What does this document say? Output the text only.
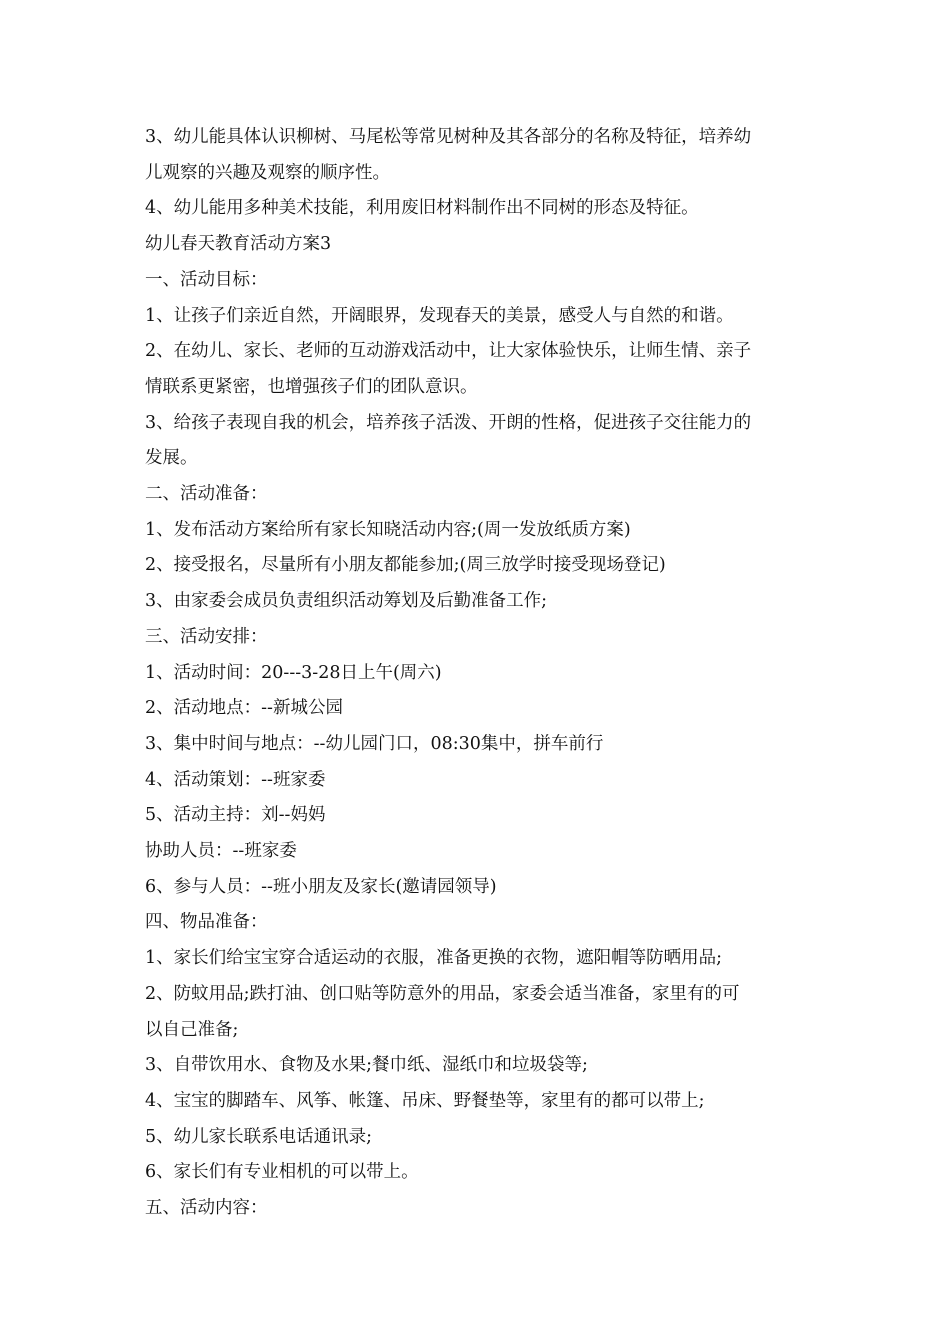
3、幼儿能具体认识柳树、马尾松等常见树种及其各部分的名称及特征，培养幼
儿观察的兴趣及观察的顺序性。
4、幼儿能用多种美术技能，利用废旧材料制作出不同树的形态及特征。
幼儿春天教育活动方案3
一、活动目标：
1、让孩子们亲近自然，开阔眼界，发现春天的美景，感受人与自然的和谐。
2、在幼儿、家长、老师的互动游戏活动中，让大家体验快乐，让师生情、亲子
情联系更紧密，也增强孩子们的团队意识。
3、给孩子表现自我的机会，培养孩子活泼、开朗的性格，促进孩子交往能力的
发展。
二、活动准备：
1、发布活动方案给所有家长知晓活动内容;(周一发放纸质方案)
2、接受报名，尽量所有小朋友都能参加;(周三放学时接受现场登记)
3、由家委会成员负责组织活动筹划及后勤准备工作;
三、活动安排：
1、活动时间：20---3-28日上午(周六)
2、活动地点：--新城公园
3、集中时间与地点：--幼儿园门口，08:30集中，拼车前行
4、活动策划：--班家委
5、活动主持：刘--妈妈
协助人员：--班家委
6、参与人员：--班小朋友及家长(邀请园领导)
四、物品准备：
1、家长们给宝宝穿合适运动的衣服，准备更换的衣物，遮阳帽等防晒用品;
2、防蚊用品;跌打油、创口贴等防意外的用品，家委会适当准备，家里有的可
以自己准备;
3、自带饮用水、食物及水果;餐巾纸、湿纸巾和垃圾袋等;
4、宝宝的脚踏车、风筝、帐篷、吊床、野餐垫等，家里有的都可以带上;
5、幼儿家长联系电话通讯录;
6、家长们有专业相机的可以带上。
五、活动内容：
